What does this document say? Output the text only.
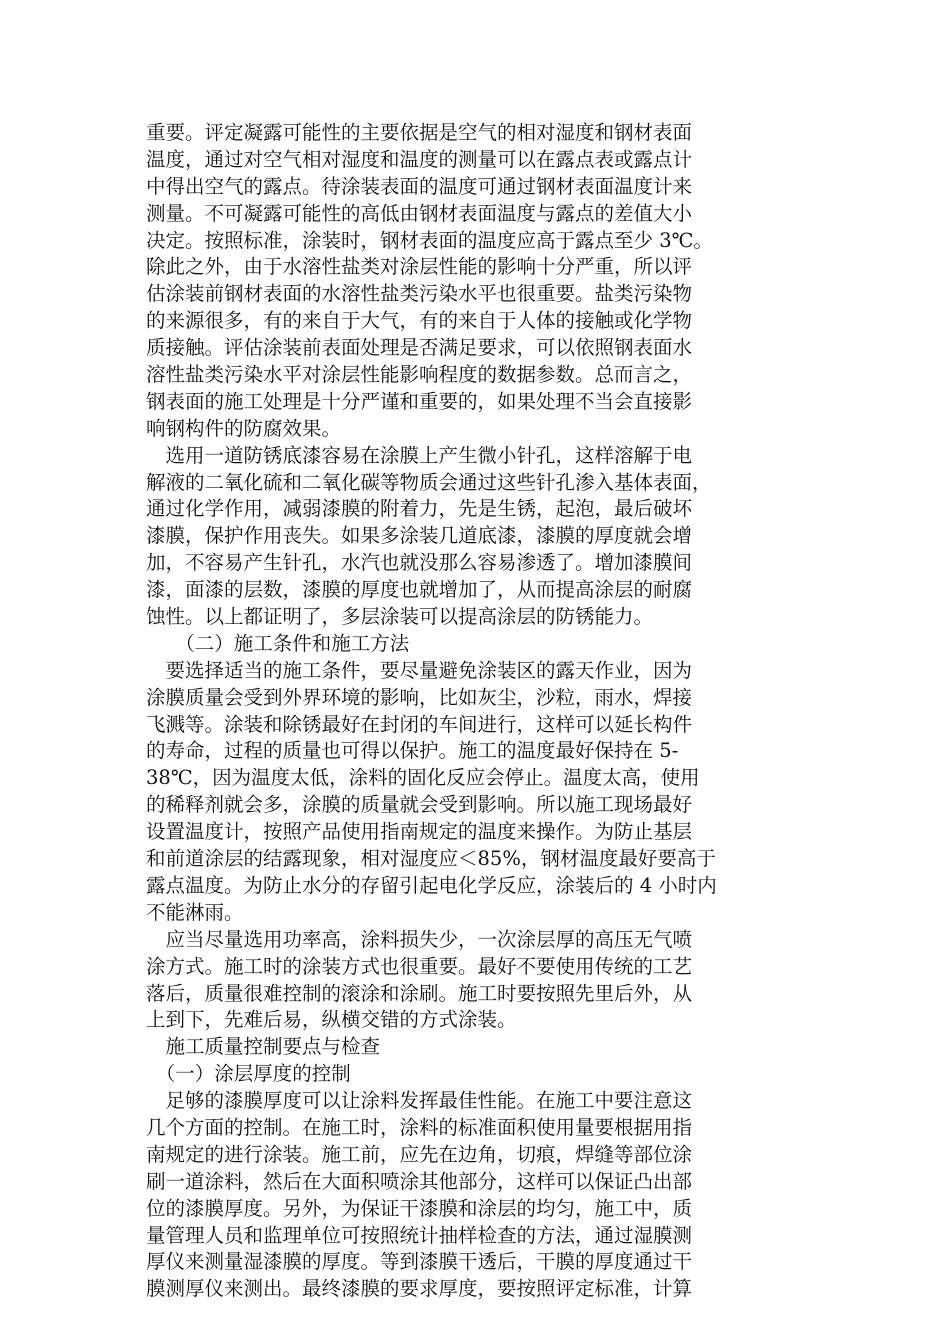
重要。评定凝露可能性的主要依据是空气的相对湿度和钢材表面
温度，通过对空气相对湿度和温度的测量可以在露点表或露点计
中得出空气的露点。待涂装表面的温度可通过钢材表面温度计来
测量。不可凝露可能性的高低由钢材表面温度与露点的差值大小
决定。按照标准，涂装时，钢材表面的温度应高于露点至少 3℃。
除此之外，由于水溶性盐类对涂层性能的影响十分严重，所以评
估涂装前钢材表面的水溶性盐类污染水平也很重要。盐类污染物
的来源很多，有的来自于大气，有的来自于人体的接触或化学物
质接触。评估涂装前表面处理是否满足要求，可以依照钢表面水
溶性盐类污染水平对涂层性能影响程度的数据参数。总而言之，
钢表面的施工处理是十分严谨和重要的，如果处理不当会直接影
响钢构件的防腐效果。
　选用一道防锈底漆容易在涂膜上产生微小针孔，这样溶解于电
解液的二氧化硫和二氧化碳等物质会通过这些针孔渗入基体表面，
通过化学作用，减弱漆膜的附着力，先是生锈，起泡，最后破坏
漆膜，保护作用丧失。如果多涂装几道底漆，漆膜的厚度就会增
加，不容易产生针孔，水汽也就没那么容易渗透了。增加漆膜间
漆，面漆的层数，漆膜的厚度也就增加了，从而提高涂层的耐腐
蚀性。以上都证明了，多层涂装可以提高涂层的防锈能力。
　　（二）施工条件和施工方法
　要选择适当的施工条件，要尽量避免涂装区的露天作业，因为
涂膜质量会受到外界环境的影响，比如灰尘，沙粒，雨水，焊接
飞溅等。涂装和除锈最好在封闭的车间进行，这样可以延长构件
的寿命，过程的质量也可得以保护。施工的温度最好保持在 5-
38℃，因为温度太低，涂料的固化反应会停止。温度太高，使用
的稀释剂就会多，涂膜的质量就会受到影响。所以施工现场最好
设置温度计，按照产品使用指南规定的温度来操作。为防止基层
和前道涂层的结露现象，相对湿度应＜85%，钢材温度最好要高于
露点温度。为防止水分的存留引起电化学反应，涂装后的 4 小时内
不能淋雨。
　应当尽量选用功率高，涂料损失少，一次涂层厚的高压无气喷
涂方式。施工时的涂装方式也很重要。最好不要使用传统的工艺
落后，质量很难控制的滚涂和涂刷。施工时要按照先里后外，从
上到下，先难后易，纵横交错的方式涂装。
　施工质量控制要点与检查
　（一）涂层厚度的控制
　足够的漆膜厚度可以让涂料发挥最佳性能。在施工中要注意这
几个方面的控制。在施工时，涂料的标准面积使用量要根据用指
南规定的进行涂装。施工前，应先在边角，切痕，焊缝等部位涂
刷一道涂料，然后在大面积喷涂其他部分，这样可以保证凸出部
位的漆膜厚度。另外，为保证干漆膜和涂层的均匀，施工中，质
量管理人员和监理单位可按照统计抽样检查的方法，通过湿膜测
厚仪来测量湿漆膜的厚度。等到漆膜干透后，干膜的厚度通过干
膜测厚仪来测出。最终漆膜的要求厚度，要按照评定标准，计算
